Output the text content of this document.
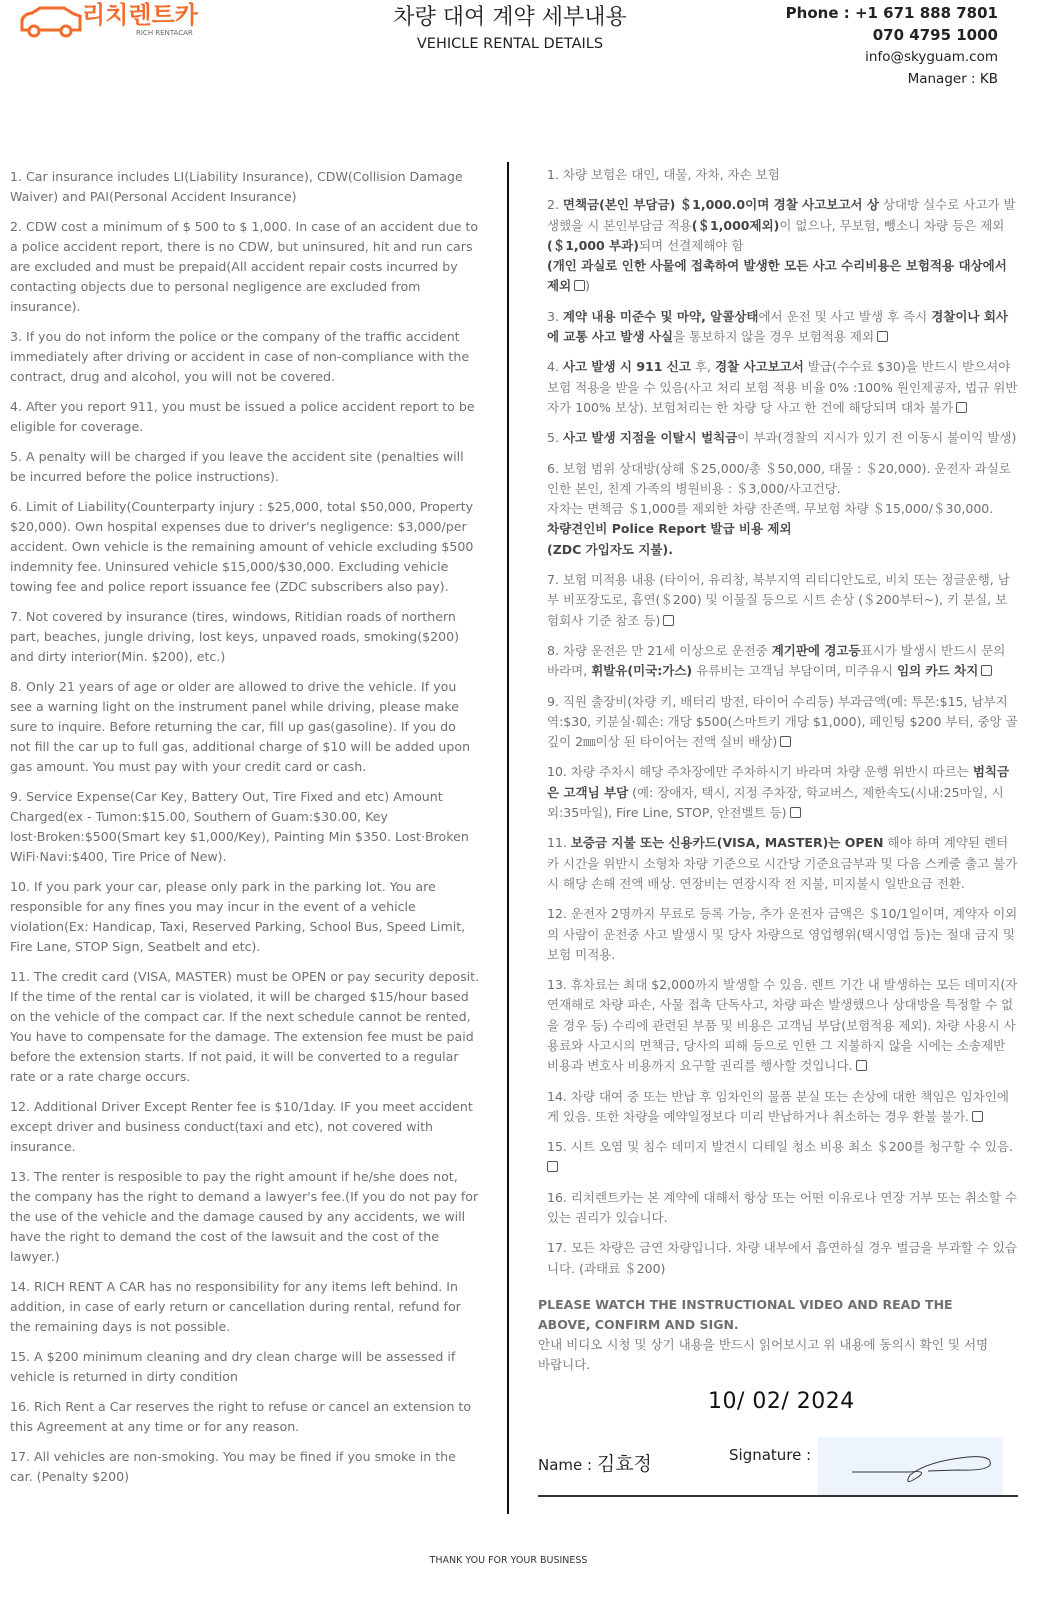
리치렌트카
RICH RENTACAR
차량 대여 계약 세부내용
VEHICLE RENTAL DETAILS
Phone : +1 671 888 7801
070 4795 1000
info@skyguam.com
Manager : KB

1. Car insurance includes LI(Liability Insurance), CDW(Collision Damage Waiver) and PAI(Personal Accident Insurance)

2. CDW cost a minimum of $ 500 to $ 1,000. In case of an accident due to a police accident report, there is no CDW, but uninsured, hit and run cars are excluded and must be prepaid(All accident repair costs incurred by contacting objects due to personal negligence are excluded from insurance).

3. If you do not inform the police or the company of the traffic accident immediately after driving or accident in case of non-compliance with the contract, drug and alcohol, you will not be covered.

4. After you report 911, you must be issued a police accident report to be eligible for coverage.

5. A penalty will be charged if you leave the accident site (penalties will be incurred before the police instructions).

6. Limit of Liability(Counterparty injury : $25,000, total $50,000, Property $20,000). Own hospital expenses due to driver's negligence: $3,000/per accident. Own vehicle is the remaining amount of vehicle excluding $500 indemnity fee. Uninsured vehicle $15,000/$30,000. Excluding vehicle towing fee and police report issuance fee (ZDC subscribers also pay).

7. Not covered by insurance (tires, windows, Ritidian roads of northern part, beaches, jungle driving, lost keys, unpaved roads, smoking($200) and dirty interior(Min. $200), etc.)

8. Only 21 years of age or older are allowed to drive the vehicle. If you see a warning light on the instrument panel while driving, please make sure to inquire. Before returning the car, fill up gas(gasoline). If you do not fill the car up to full gas, additional charge of $10 will be added upon gas amount. You must pay with your credit card or cash.

9. Service Expense(Car Key, Battery Out, Tire Fixed and etc) Amount Charged(ex - Tumon:$15.00, Southern of Guam:$30.00, Key lost·Broken:$500(Smart key $1,000/Key), Painting Min $350. Lost·Broken WiFi·Navi:$400, Tire Price of New).

10. If you park your car, please only park in the parking lot. You are responsible for any fines you may incur in the event of a vehicle violation(Ex: Handicap, Taxi, Reserved Parking, School Bus, Speed Limit, Fire Lane, STOP Sign, Seatbelt and etc).

11. The credit card (VISA, MASTER) must be OPEN or pay security deposit. If the time of the rental car is violated, it will be charged $15/hour based on the vehicle of the compact car. If the next schedule cannot be rented, You have to compensate for the damage. The extension fee must be paid before the extension starts. If not paid, it will be converted to a regular rate or a rate charge occurs.

12. Additional Driver Except Renter fee is $10/1day. IF you meet accident except driver and business conduct(taxi and etc), not covered with insurance.

13. The renter is resposible to pay the right amount if he/she does not, the company has the right to demand a lawyer's fee.(If you do not pay for the use of the vehicle and the damage caused by any accidents, we will have the right to demand the cost of the lawsuit and the cost of the lawyer.)

14. RICH RENT A CAR has no responsibility for any items left behind. In addition, in case of early return or cancellation during rental, refund for the remaining days is not possible.

15. A $200 minimum cleaning and dry clean charge will be assessed if vehicle is returned in dirty condition

16. Rich Rent a Car reserves the right to refuse or cancel an extension to this Agreement at any time or for any reason.

17. All vehicles are non-smoking. You may be fined if you smoke in the car. (Penalty $200)

1. 차량 보험은 대인, 대물, 자차, 자손 보험

2. 면책금(본인 부담금) ＄1,000.0이며 경찰 사고보고서 상 상대방 실수로 사고가 발생했을 시 본인부담금 적용(＄1,000제외)이 없으나, 무보험, 뺑소니 차량 등은 제외 (＄1,000 부과)되며 선결제해야 함
(개인 과실로 인한 사물에 접촉하여 발생한 모든 사고 수리비용은 보험적용 대상에서 제외 )

3. 계약 내용 미준수 및 마약, 알콜상태에서 운전 및 사고 발생 후 즉시 경찰이나 회사에 교통 사고 발생 사실을 통보하지 않을 경우 보험적용 제외

4. 사고 발생 시 911 신고 후, 경찰 사고보고서 발급(수수료 $30)을 반드시 받으셔야 보험 적용을 받을 수 있음(사고 처리 보험 적용 비율 0% :100% 원인제공자, 법규 위반자가 100% 보상). 보험처리는 한 차량 당 사고 한 건에 해당되며 대차 불가

5. 사고 발생 지점을 이탈시 벌칙금이 부과(경찰의 지시가 있기 전 이동시 불이익 발생)

6. 보험 범위 상대방(상해 ＄25,000/총 ＄50,000, 대물 : ＄20,000). 운전자 과실로 인한 본인, 친계 가족의 병원비용 : ＄3,000/사고건당.
자차는 면책금 ＄1,000를 제외한 차량 잔존액. 무보험 차량 ＄15,000/＄30,000.
차량견인비 Police Report 발급 비용 제외
(ZDC 가입자도 지불).

7. 보험 미적용 내용 (타이어, 유리창, 북부지역 리티디안도로, 비치 또는 정글운행, 남부 비포장도로, 흡연(＄200) 및 이물질 등으로 시트 손상 (＄200부터~), 키 분실, 보험회사 기준 참조 등)

8. 차량 운전은 만 21세 이상으로 운전중 계기판에 경고등표시가 발생시 반드시 문의 바라며, 휘발유(미국:가스) 유류비는 고객님 부담이며, 미주유시 임의 카드 차지

9. 직원 출장비(차량 키, 배터리 방전, 타이어 수리등) 부과금액(예: 투몬:$15, 남부지역:$30, 키분실·훼손: 개당 $500(스마트키 개당 $1,000), 페인팅 $200 부터, 중앙 골 깊이 2㎜이상 된 타이어는 전액 실비 배상)

10. 차량 주차시 해당 주차장에만 주차하시기 바라며 차량 운행 위반시 따르는 범칙금은 고객님 부담 (예: 장애자, 택시, 지정 주차장, 학교버스, 제한속도(시내:25마일, 시외:35마일), Fire Line, STOP, 안전벨트 등)

11. 보증금 지불 또는 신용카드(VISA, MASTER)는 OPEN 해야 하며 계약된 렌터카 시간을 위반시 소형차 차량 기준으로 시간당 기준요금부과 및 다음 스케줄 출고 불가시 해당 손해 전액 배상. 연장비는 연장시작 전 지불, 미지불시 일반요금 전환.

12. 운전자 2명까지 무료로 등록 가능, 추가 운전자 금액은 ＄10/1일이며, 계약자 이외의 사람이 운전중 사고 발생시 및 당사 차량으로 영업행위(택시영업 등)는 절대 금지 및 보험 미적용.

13. 휴차료는 최대 $2,000까지 발생할 수 있음. 렌트 기간 내 발생하는 모든 데미지(자연재해로 차량 파손, 사물 접촉 단독사고, 차량 파손 발생했으나 상대방을 특정할 수 없을 경우 등) 수리에 관련된 부품 및 비용은 고객님 부담(보험적용 제외). 차량 사용시 사용료와 사고시의 면책금, 당사의 피해 등으로 인한 그 지불하지 않을 시에는 소송제반 비용과 변호사 비용까지 요구할 권리를 행사할 것입니다.

14. 차량 대여 중 또는 반납 후 임차인의 물품 분실 또는 손상에 대한 책임은 임차인에게 있음. 또한 차량을 예약일정보다 미리 반납하거나 취소하는 경우 환불 불가.

15. 시트 오염 및 침수 데미지 발견시 디테일 청소 비용 최소 ＄200를 청구할 수 있음.

16. 리치렌트카는 본 계약에 대해서 항상 또는 어떤 이유로나 연장 거부 또는 취소할 수 있는 권리가 있습니다.

17. 모든 차량은 금연 차량입니다. 차량 내부에서 흡연하실 경우 벌금을 부과할 수 있습니다. (과태료 ＄200)

PLEASE WATCH THE INSTRUCTIONAL VIDEO AND READ THE ABOVE, CONFIRM AND SIGN.
안내 비디오 시청 및 상기 내용을 반드시 읽어보시고 위 내용에 동의시 확인 및 서명 바랍니다.
10/ 02/ 2024
Name : 김효정	Signature :
THANK YOU FOR YOUR BUSINESS
